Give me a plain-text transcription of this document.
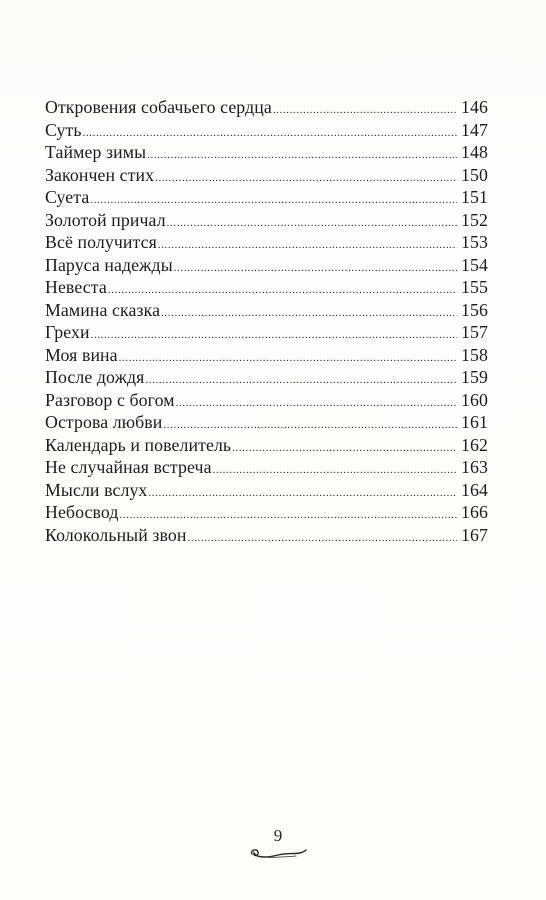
Откровения собачьего сердца .....	146
Суть .....	147
Таймер зимы .....	148
Закончен стих .....	150
Суета .....	151
Золотой причал .....	152
Всё получится .....	153
Паруса надежды .....	154
Невеста .....	155
Мамина сказка .....	156
Грехи .....	157
Моя вина .....	158
После дождя .....	159
Разговор с богом .....	160
Острова любви .....	161
Календарь и повелитель .....	162
Не случайная встреча .....	163
Мысли вслух .....	164
Небосвод .....	166
Колокольный звон .....	167
9
